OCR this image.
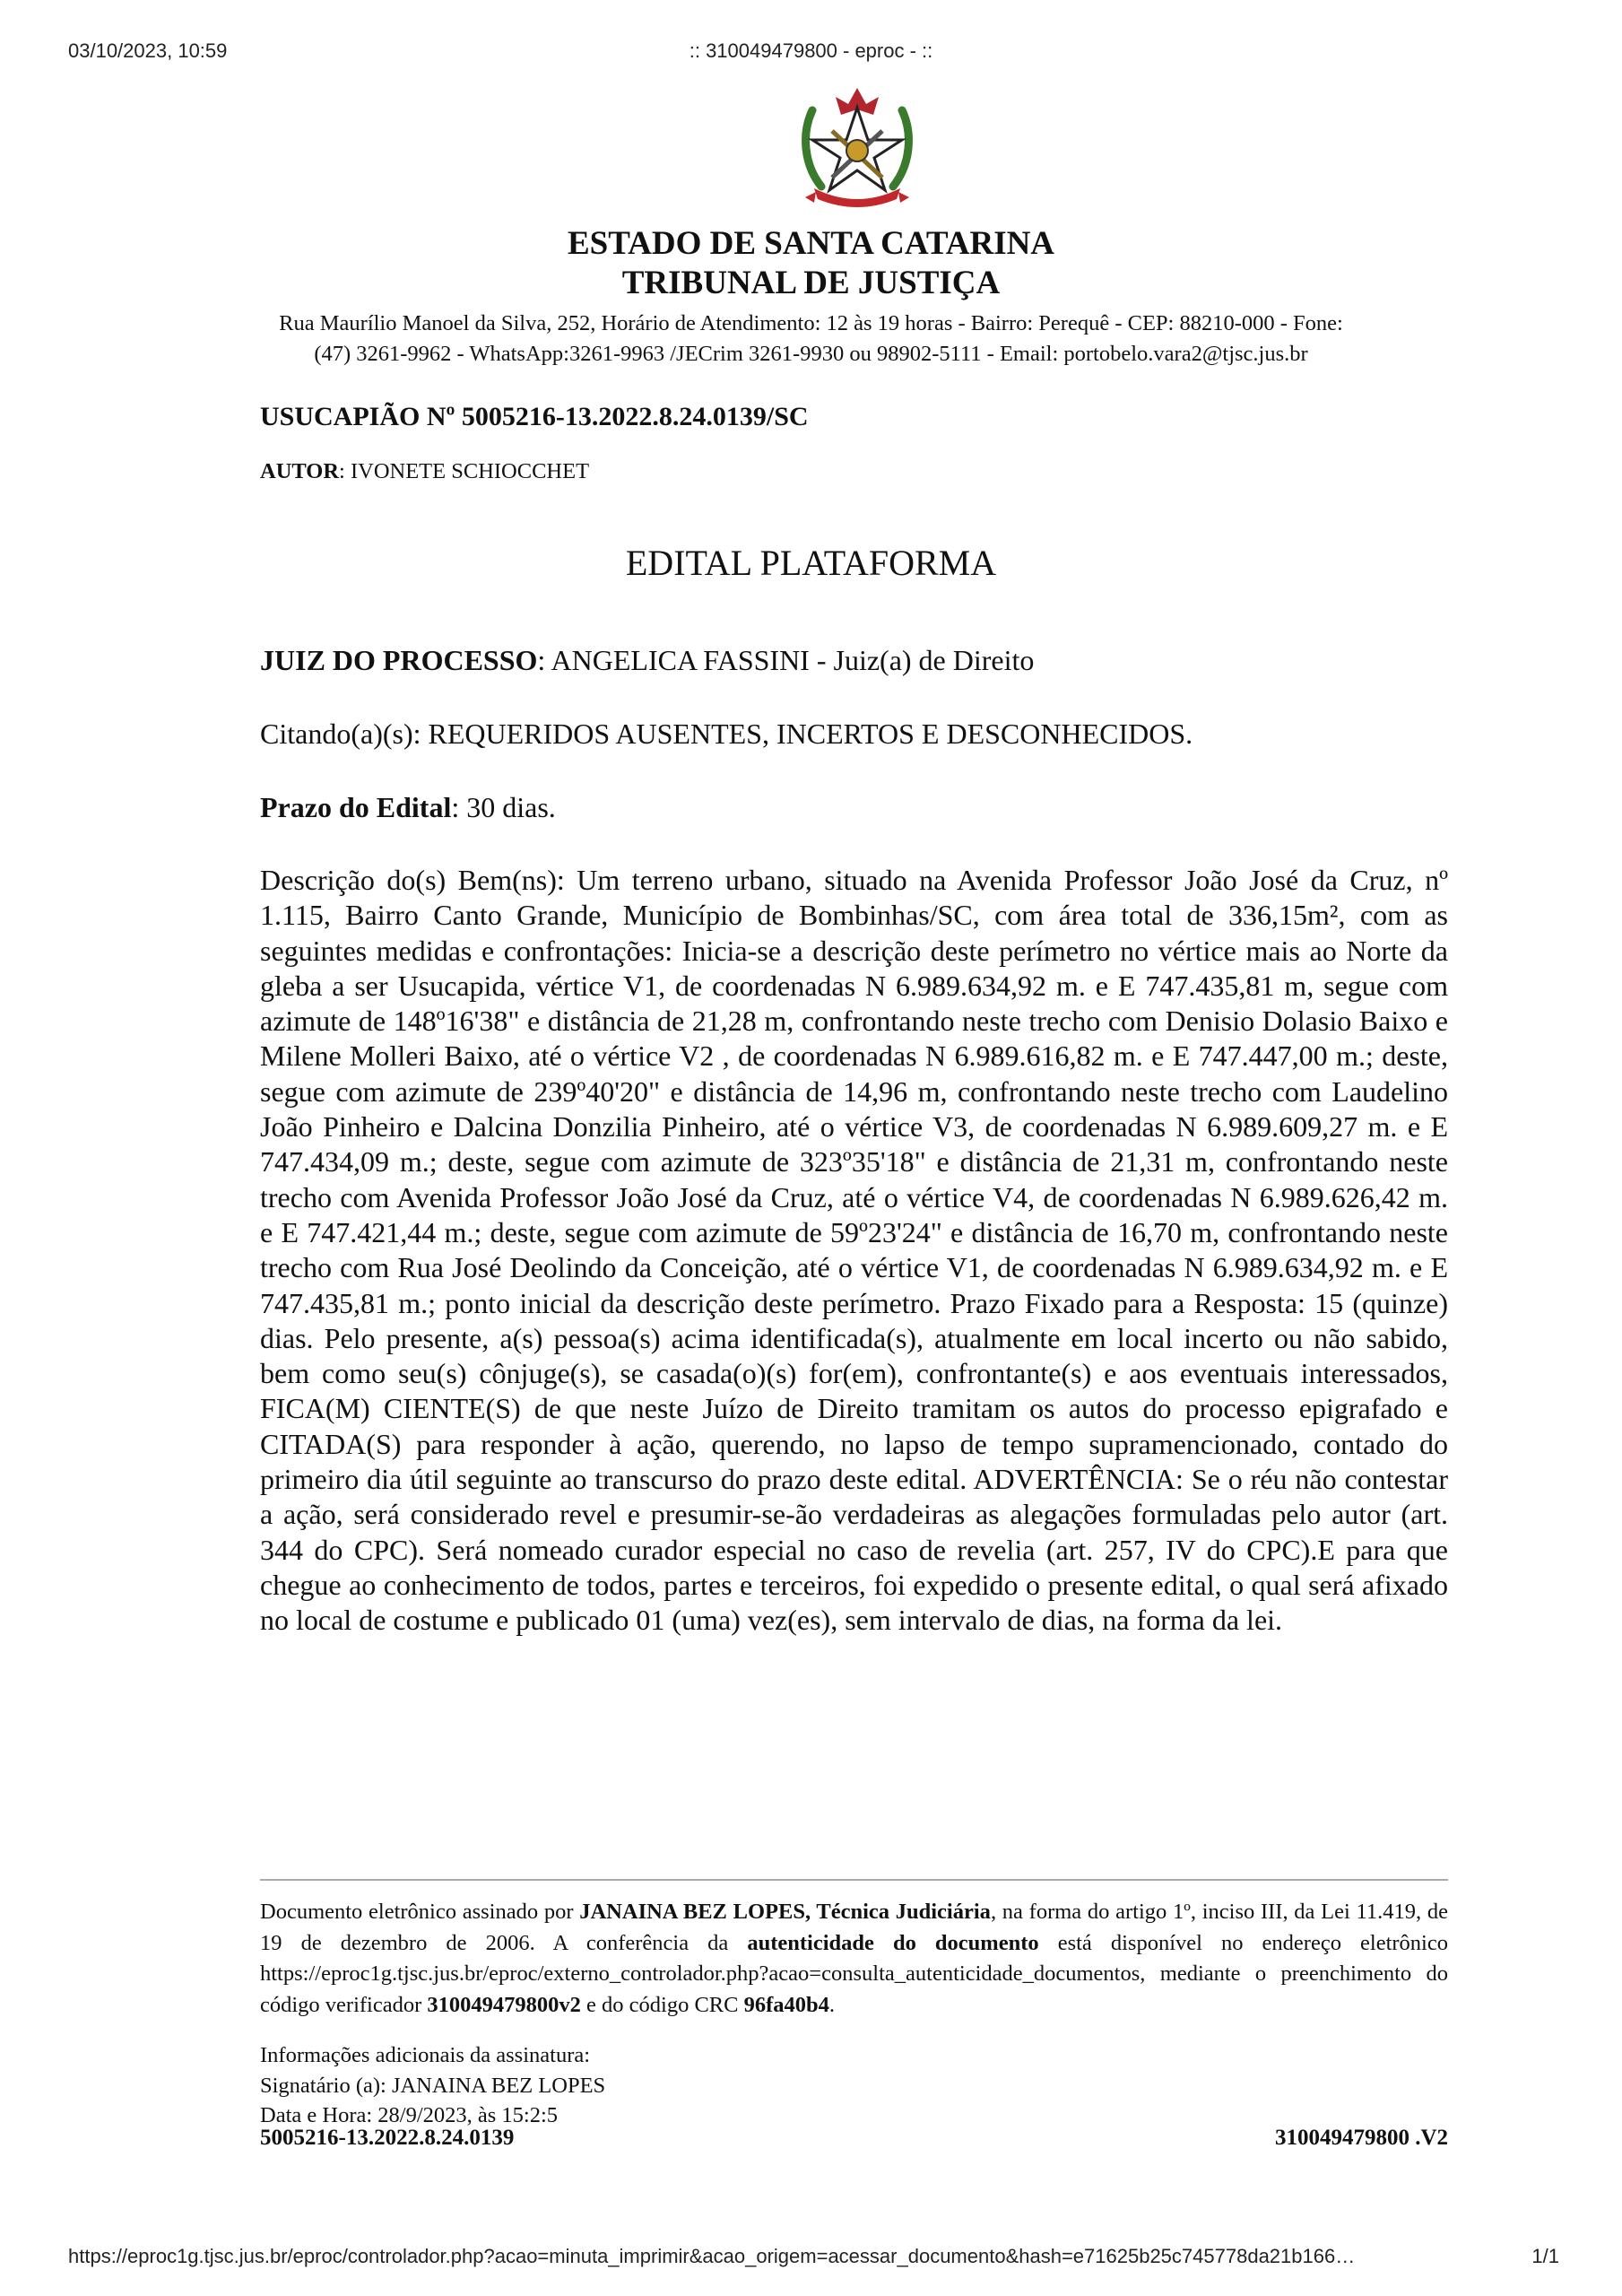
03/10/2023, 10:59	:: 310049479800 - eproc - ::
ESTADO DE SANTA CATARINA
TRIBUNAL DE JUSTIÇA
Rua Maurílio Manoel da Silva, 252, Horário de Atendimento: 12 às 19 horas - Bairro: Perequê - CEP: 88210-000 - Fone:
(47) 3261-9962 - WhatsApp:3261-9963 /JECrim 3261-9930 ou 98902-5111 - Email: portobelo.vara2@tjsc.jus.br
USUCAPIÃO Nº 5005216-13.2022.8.24.0139/SC
AUTOR: IVONETE SCHIOCCHET
EDITAL PLATAFORMA
JUIZ DO PROCESSO: ANGELICA FASSINI - Juiz(a) de Direito
Citando(a)(s): REQUERIDOS AUSENTES, INCERTOS E DESCONHECIDOS.
Prazo do Edital: 30 dias.
Descrição do(s) Bem(ns): Um terreno urbano, situado na Avenida Professor João José da Cruz, nº 1.115, Bairro Canto Grande, Município de Bombinhas/SC, com área total de 336,15m², com as seguintes medidas e confrontações: Inicia-se a descrição deste perímetro no vértice mais ao Norte da gleba a ser Usucapida, vértice V1, de coordenadas N 6.989.634,92 m. e E 747.435,81 m, segue com azimute de 148º16'38" e distância de 21,28 m, confrontando neste trecho com Denisio Dolasio Baixo e Milene Molleri Baixo, até o vértice V2 , de coordenadas N 6.989.616,82 m. e E 747.447,00 m.; deste, segue com azimute de 239º40'20" e distância de 14,96 m, confrontando neste trecho com Laudelino João Pinheiro e Dalcina Donzilia Pinheiro, até o vértice V3, de coordenadas N 6.989.609,27 m. e E 747.434,09 m.; deste, segue com azimute de 323º35'18" e distância de 21,31 m, confrontando neste trecho com Avenida Professor João José da Cruz, até o vértice V4, de coordenadas N 6.989.626,42 m. e E 747.421,44 m.; deste, segue com azimute de 59º23'24" e distância de 16,70 m, confrontando neste trecho com Rua José Deolindo da Conceição, até o vértice V1, de coordenadas N 6.989.634,92 m. e E 747.435,81 m.; ponto inicial da descrição deste perímetro. Prazo Fixado para a Resposta: 15 (quinze) dias. Pelo presente, a(s) pessoa(s) acima identificada(s), atualmente em local incerto ou não sabido, bem como seu(s) cônjuge(s), se casada(o)(s) for(em), confrontante(s) e aos eventuais interessados, FICA(M) CIENTE(S) de que neste Juízo de Direito tramitam os autos do processo epigrafado e CITADA(S) para responder à ação, querendo, no lapso de tempo supramencionado, contado do primeiro dia útil seguinte ao transcurso do prazo deste edital. ADVERTÊNCIA: Se o réu não contestar a ação, será considerado revel e presumir-se-ão verdadeiras as alegações formuladas pelo autor (art. 344 do CPC). Será nomeado curador especial no caso de revelia (art. 257, IV do CPC).E para que chegue ao conhecimento de todos, partes e terceiros, foi expedido o presente edital, o qual será afixado no local de costume e publicado 01 (uma) vez(es), sem intervalo de dias, na forma da lei.
Documento eletrônico assinado por JANAINA BEZ LOPES, Técnica Judiciária, na forma do artigo 1º, inciso III, da Lei 11.419, de 19 de dezembro de 2006. A conferência da autenticidade do documento está disponível no endereço eletrônico https://eproc1g.tjsc.jus.br/eproc/externo_controlador.php?acao=consulta_autenticidade_documentos, mediante o preenchimento do código verificador 310049479800v2 e do código CRC 96fa40b4.
Informações adicionais da assinatura:
Signatário (a): JANAINA BEZ LOPES
Data e Hora: 28/9/2023, às 15:2:5
5005216-13.2022.8.24.0139	310049479800 .V2
https://eproc1g.tjsc.jus.br/eproc/controlador.php?acao=minuta_imprimir&acao_origem=acessar_documento&hash=e71625b25c745778da21b166…	1/1
